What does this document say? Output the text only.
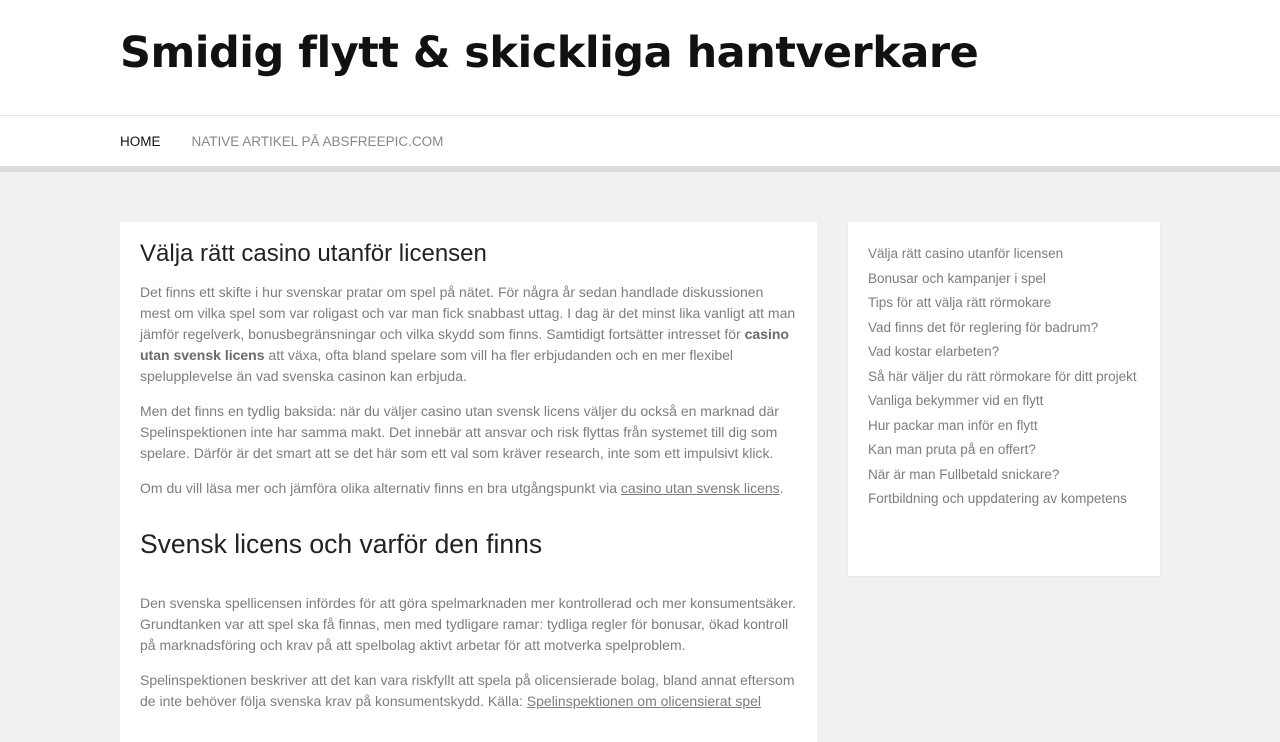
Smidig flytt & skickliga hantverkare
HOME NATIVE ARTIKEL PÅ ABSFREEPIC.COM
Välja rätt casino utanför licensen

Det finns ett skifte i hur svenskar pratar om spel på nätet. För några år sedan handlade diskussionen mest om vilka spel som var roligast och var man fick snabbast uttag. I dag är det minst lika vanligt att man jämför regelverk, bonusbegränsningar och vilka skydd som finns. Samtidigt fortsätter intresset för casino utan svensk licens att växa, ofta bland spelare som vill ha fler erbjudanden och en mer flexibel spelupplevelse än vad svenska casinon kan erbjuda.

Men det finns en tydlig baksida: när du väljer casino utan svensk licens väljer du också en marknad där Spelinspektionen inte har samma makt. Det innebär att ansvar och risk flyttas från systemet till dig som spelare. Därför är det smart att se det här som ett val som kräver research, inte som ett impulsivt klick.

Om du vill läsa mer och jämföra olika alternativ finns en bra utgångspunkt via casino utan svensk licens.

Svensk licens och varför den finns

Den svenska spellicensen infördes för att göra spelmarknaden mer kontrollerad och mer konsumentsäker. Grundtanken var att spel ska få finnas, men med tydligare ramar: tydliga regler för bonusar, ökad kontroll på marknadsföring och krav på att spelbolag aktivt arbetar för att motverka spelproblem.

Spelinspektionen beskriver att det kan vara riskfyllt att spela på olicensierade bolag, bland annat eftersom de inte behöver följa svenska krav på konsumentskydd. Källa: Spelinspektionen om olicensierat spel

Välja rätt casino utanför licensen
Bonusar och kampanjer i spel
Tips för att välja rätt rörmokare
Vad finns det för reglering för badrum?
Vad kostar elarbeten?
Så här väljer du rätt rörmokare för ditt projekt
Vanliga bekymmer vid en flytt
Hur packar man inför en flytt
Kan man pruta på en offert?
När är man Fullbetald snickare?
Fortbildning och uppdatering av kompetens
